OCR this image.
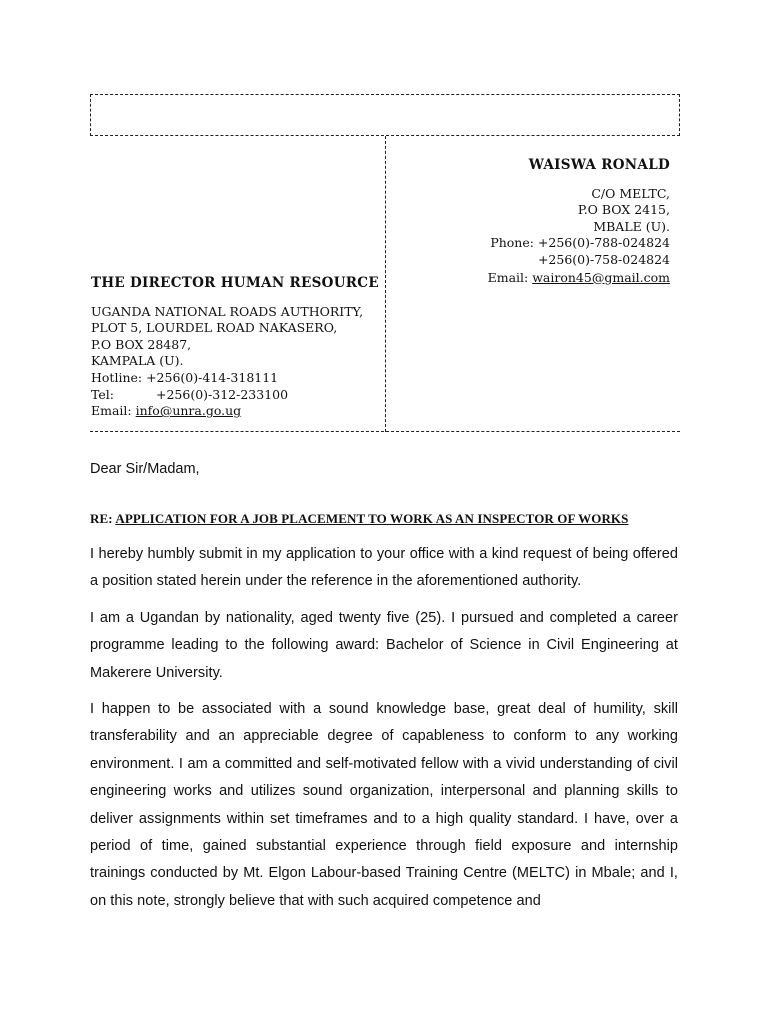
WAISWA RONALD
C/O MELTC,
P.O BOX 2415,
MBALE (U).
Phone: +256(0)-788-024824
+256(0)-758-024824
Email: wairon45@gmail.com
THE DIRECTOR HUMAN RESOURCE
UGANDA NATIONAL ROADS AUTHORITY,
PLOT 5, LOURDEL ROAD NAKASERO,
P.O BOX 28487,
KAMPALA (U).
Hotline: +256(0)-414-318111
Tel:	+256(0)-312-233100
Email: info@unra.go.ug

Dear Sir/Madam,

RE: APPLICATION FOR A JOB PLACEMENT TO WORK AS AN INSPECTOR OF WORKS

I hereby humbly submit in my application to your office with a kind request of being offered a position stated herein under the reference in the aforementioned authority.

I am a Ugandan by nationality, aged twenty five (25). I pursued and completed a career programme leading to the following award: Bachelor of Science in Civil Engineering at Makerere University.

I happen to be associated with a sound knowledge base, great deal of humility, skill transferability and an appreciable degree of capableness to conform to any working environment. I am a committed and self-motivated fellow with a vivid understanding of civil engineering works and utilizes sound organization, interpersonal and planning skills to deliver assignments within set timeframes and to a high quality standard. I have, over a period of time, gained substantial experience through field exposure and internship trainings conducted by Mt. Elgon Labour-based Training Centre (MELTC) in Mbale; and I, on this note, strongly believe that with such acquired competence and
